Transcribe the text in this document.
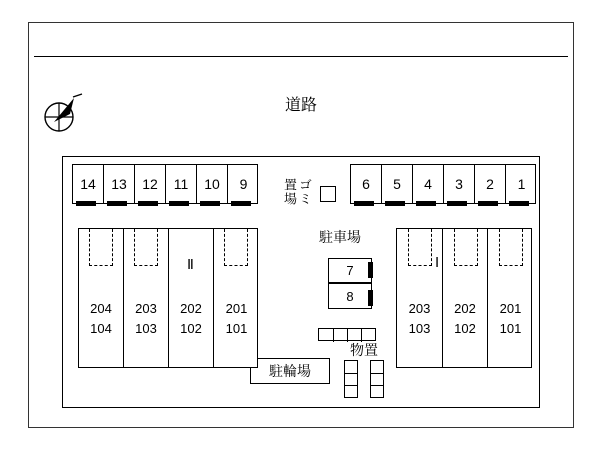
道路
14	13	12	11	10	9	6	5	4	3	2	1
ゴミ置場
駐車場
7
8
物置
駐輪場
204
104
203
103
Ⅱ
202
102
201
101
203
103
202
102
201
101
Ⅰ
